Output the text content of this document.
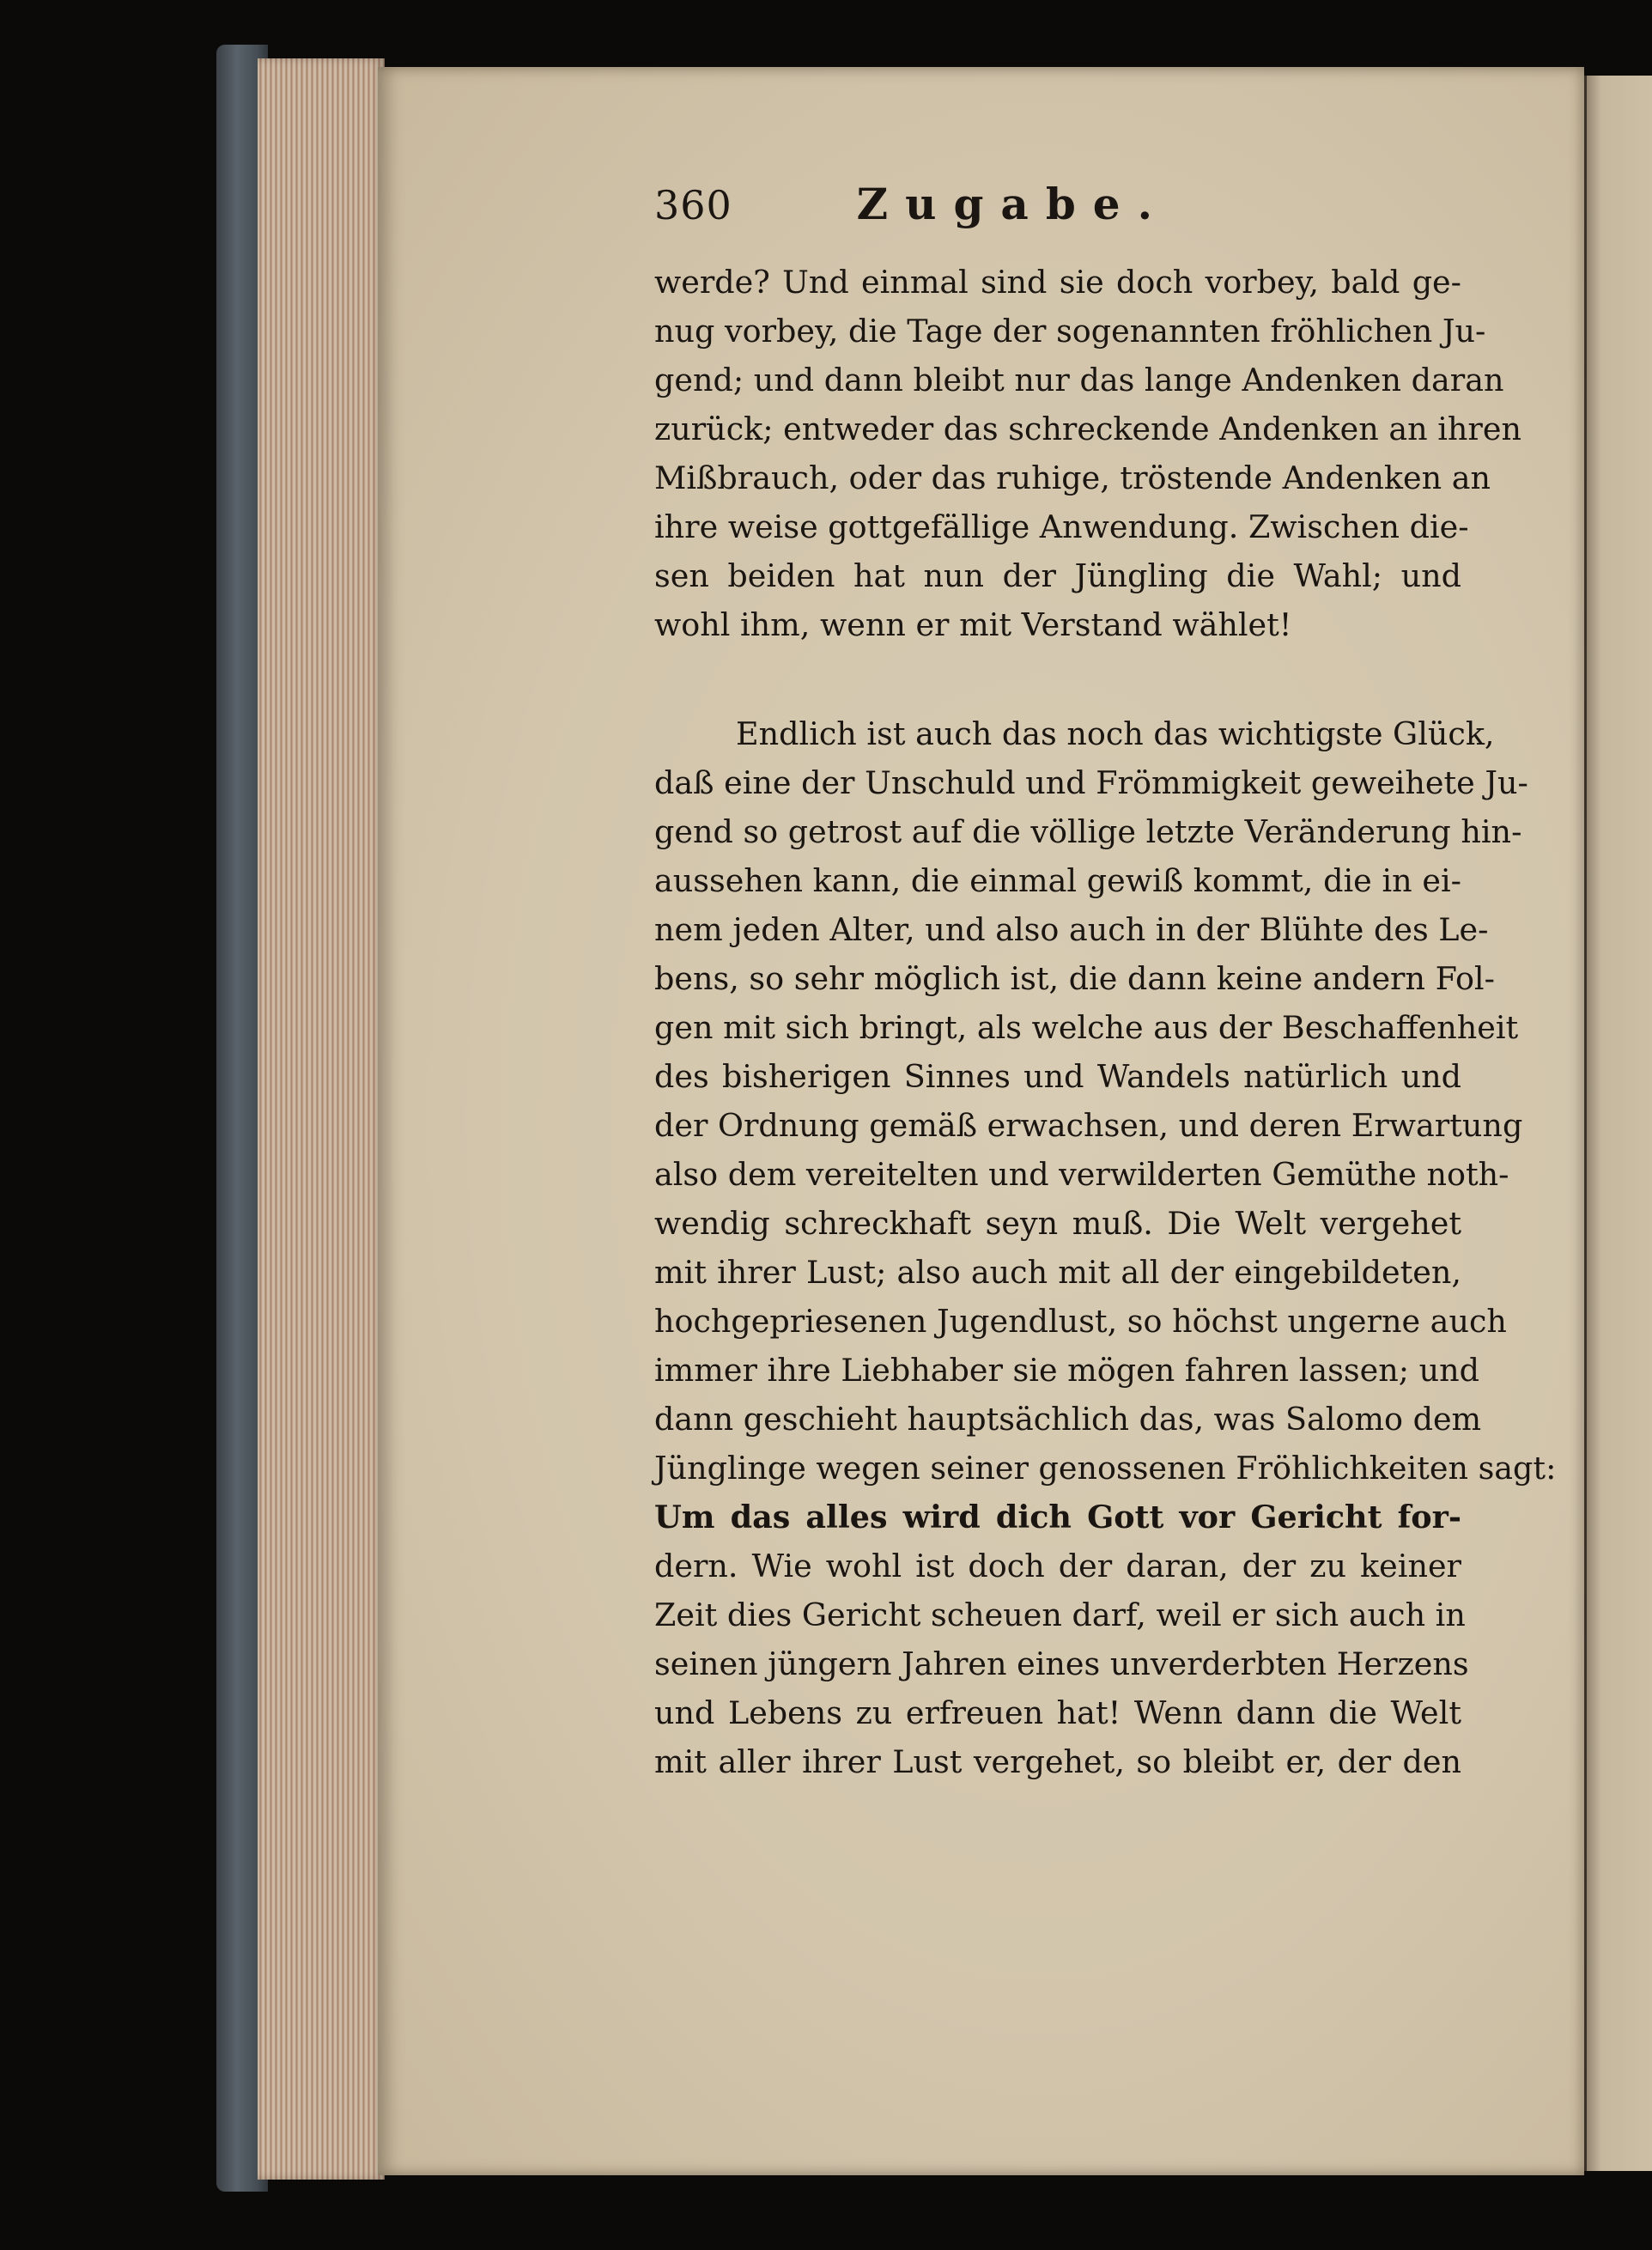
360	Zugabe.
werde? Und einmal sind sie doch vorbey, bald ge-
nug vorbey, die Tage der sogenannten fröhlichen Ju-
gend; und dann bleibt nur das lange Andenken daran
zurück; entweder das schreckende Andenken an ihren
Mißbrauch, oder das ruhige, tröstende Andenken an
ihre weise gottgefällige Anwendung. Zwischen die-
sen beiden hat nun der Jüngling die Wahl; und
wohl ihm, wenn er mit Verstand wählet!
Endlich ist auch das noch das wichtigste Glück,
daß eine der Unschuld und Frömmigkeit geweihete Ju-
gend so getrost auf die völlige letzte Veränderung hin-
aussehen kann, die einmal gewiß kommt, die in ei-
nem jeden Alter, und also auch in der Blühte des Le-
bens, so sehr möglich ist, die dann keine andern Fol-
gen mit sich bringt, als welche aus der Beschaffenheit
des bisherigen Sinnes und Wandels natürlich und
der Ordnung gemäß erwachsen, und deren Erwartung
also dem vereitelten und verwilderten Gemüthe noth-
wendig schreckhaft seyn muß. Die Welt vergehet
mit ihrer Lust; also auch mit all der eingebildeten,
hochgepriesenen Jugendlust, so höchst ungerne auch
immer ihre Liebhaber sie mögen fahren lassen; und
dann geschieht hauptsächlich das, was Salomo dem
Jünglinge wegen seiner genossenen Fröhlichkeiten sagt:
Um das alles wird dich Gott vor Gericht for-
dern. Wie wohl ist doch der daran, der zu keiner
Zeit dies Gericht scheuen darf, weil er sich auch in
seinen jüngern Jahren eines unverderbten Herzens
und Lebens zu erfreuen hat! Wenn dann die Welt
mit aller ihrer Lust vergehet, so bleibt er, der den
